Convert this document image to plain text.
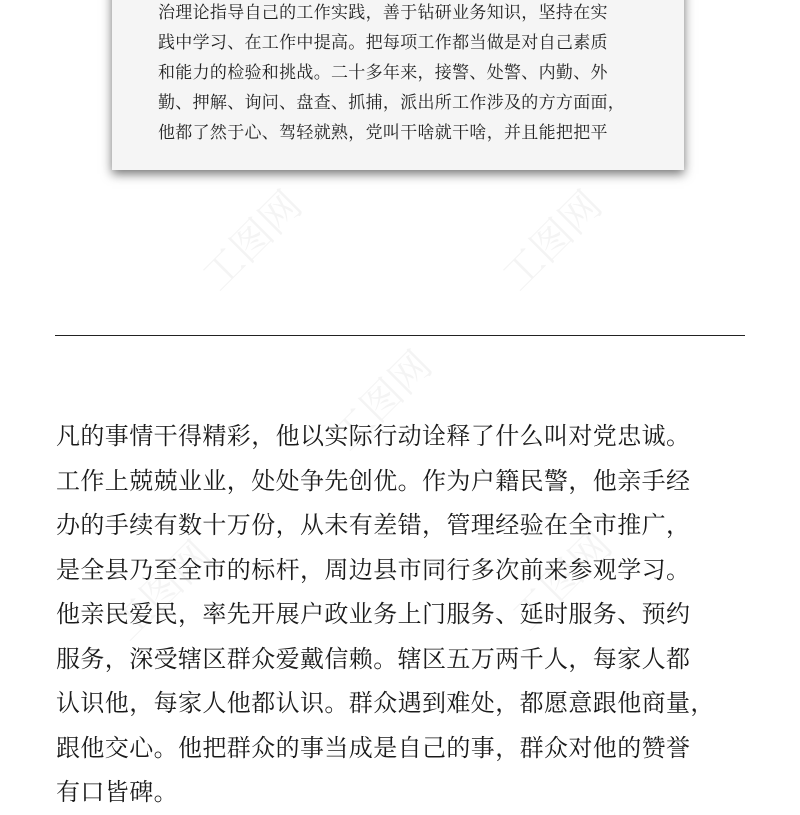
治理论指导自己的工作实践，善于钻研业务知识，坚持在实
践中学习、在工作中提高。把每项工作都当做是对自己素质
和能力的检验和挑战。二十多年来，接警、处警、内勤、外
勤、押解、询问、盘查、抓捕，派出所工作涉及的方方面面，
他都了然于心、驾轻就熟，党叫干啥就干啥，并且能把把平
凡的事情干得精彩，他以实际行动诠释了什么叫对党忠诚。
工作上兢兢业业，处处争先创优。作为户籍民警，他亲手经
办的手续有数十万份，从未有差错，管理经验在全市推广，
是全县乃至全市的标杆，周边县市同行多次前来参观学习。
他亲民爱民，率先开展户政业务上门服务、延时服务、预约
服务，深受辖区群众爱戴信赖。辖区五万两千人，每家人都
认识他，每家人他都认识。群众遇到难处，都愿意跟他商量，
跟他交心。他把群众的事当成是自己的事，群众对他的赞誉
有口皆碑。
